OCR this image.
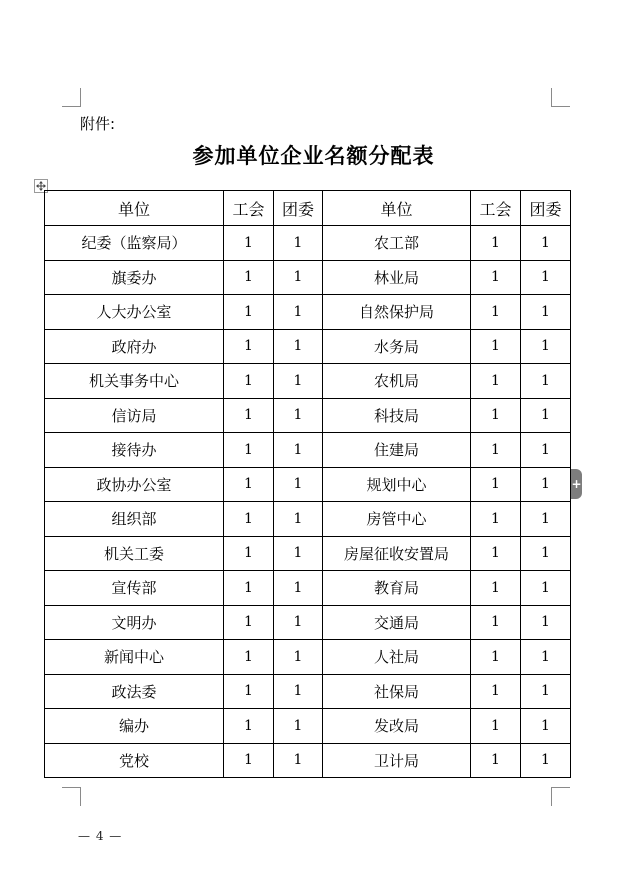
附件:
参加单位企业名额分配表
单位	工会	团委	单位	工会	团委
纪委（监察局）	1	1	农工部	1	1
旗委办	1	1	林业局	1	1
人大办公室	1	1	自然保护局	1	1
政府办	1	1	水务局	1	1
机关事务中心	1	1	农机局	1	1
信访局	1	1	科技局	1	1
接待办	1	1	住建局	1	1
政协办公室	1	1	规划中心	1	1
组织部	1	1	房管中心	1	1
机关工委	1	1	房屋征收安置局	1	1
宣传部	1	1	教育局	1	1
文明办	1	1	交通局	1	1
新闻中心	1	1	人社局	1	1
政法委	1	1	社保局	1	1
编办	1	1	发改局	1	1
党校	1	1	卫计局	1	1
+
— 4 —
